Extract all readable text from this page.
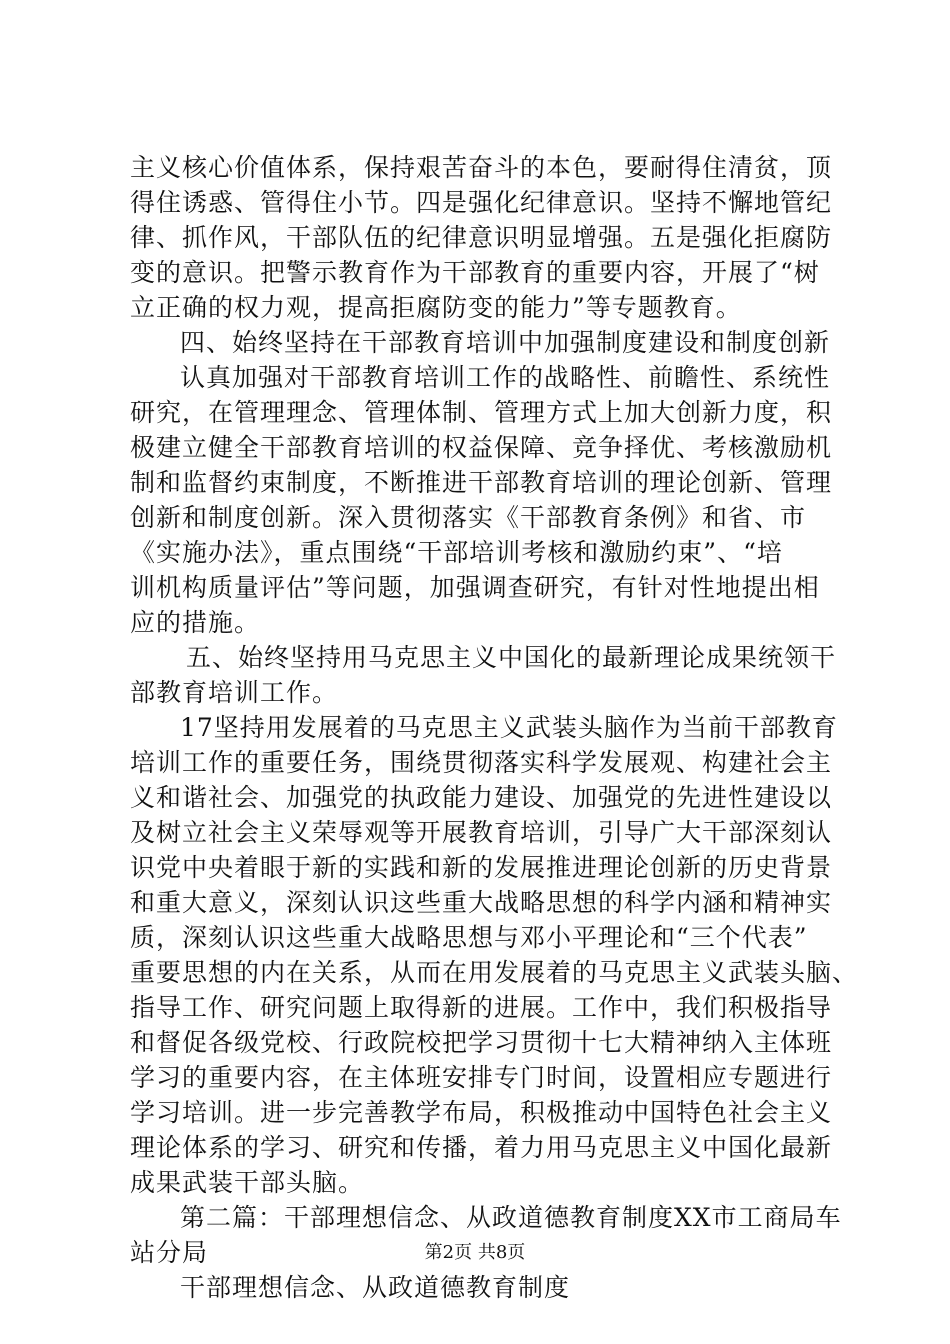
主义核心价值体系，保持艰苦奋斗的本色，要耐得住清贫，顶
得住诱惑、管得住小节。四是强化纪律意识。坚持不懈地管纪
律、抓作风，干部队伍的纪律意识明显增强。五是强化拒腐防
变的意识。把警示教育作为干部教育的重要内容，开展了“树
立正确的权力观，提高拒腐防变的能力”等专题教育。
四、始终坚持在干部教育培训中加强制度建设和制度创新
认真加强对干部教育培训工作的战略性、前瞻性、系统性
研究，在管理理念、管理体制、管理方式上加大创新力度，积
极建立健全干部教育培训的权益保障、竞争择优、考核激励机
制和监督约束制度，不断推进干部教育培训的理论创新、管理
创新和制度创新。深入贯彻落实《干部教育条例》和省、市
《实施办法》，重点围绕“干部培训考核和激励约束”、“培
训机构质量评估”等问题，加强调查研究，有针对性地提出相
应的措施。
五、始终坚持用马克思主义中国化的最新理论成果统领干
部教育培训工作。
17坚持用发展着的马克思主义武装头脑作为当前干部教育
培训工作的重要任务，围绕贯彻落实科学发展观、构建社会主
义和谐社会、加强党的执政能力建设、加强党的先进性建设以
及树立社会主义荣辱观等开展教育培训，引导广大干部深刻认
识党中央着眼于新的实践和新的发展推进理论创新的历史背景
和重大意义，深刻认识这些重大战略思想的科学内涵和精神实
质，深刻认识这些重大战略思想与邓小平理论和“三个代表”
重要思想的内在关系，从而在用发展着的马克思主义武装头脑、
指导工作、研究问题上取得新的进展。工作中，我们积极指导
和督促各级党校、行政院校把学习贯彻十七大精神纳入主体班
学习的重要内容，在主体班安排专门时间，设置相应专题进行
学习培训。进一步完善教学布局，积极推动中国特色社会主义
理论体系的学习、研究和传播，着力用马克思主义中国化最新
成果武装干部头脑。
第二篇：干部理想信念、从政道德教育制度XX市工商局车
站分局
干部理想信念、从政道德教育制度
第2页 共8页
